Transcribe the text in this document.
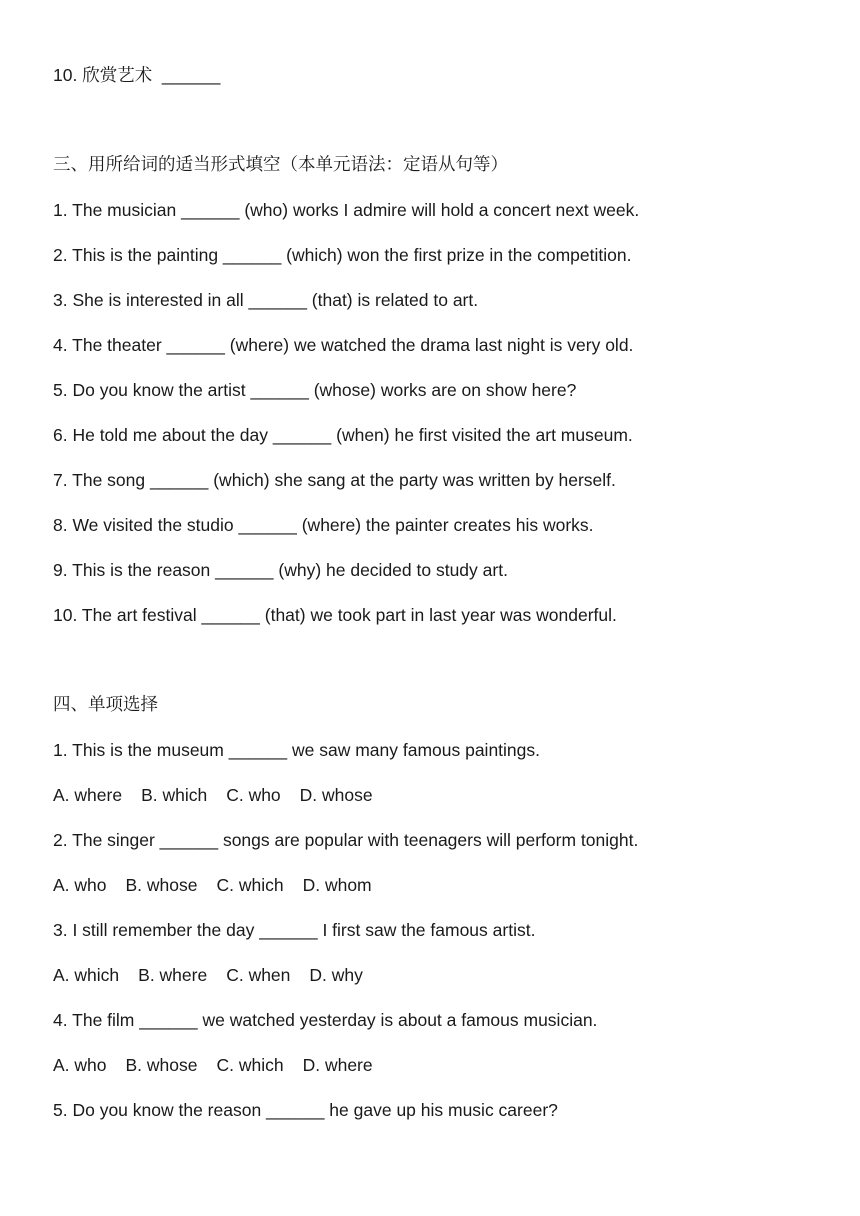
10. 欣赏艺术  ______
三、用所给词的适当形式填空（本单元语法：定语从句等）
1. The musician ______ (who) works I admire will hold a concert next week.
2. This is the painting ______ (which) won the first prize in the competition.
3. She is interested in all ______ (that) is related to art.
4. The theater ______ (where) we watched the drama last night is very old.
5. Do you know the artist ______ (whose) works are on show here?
6. He told me about the day ______ (when) he first visited the art museum.
7. The song ______ (which) she sang at the party was written by herself.
8. We visited the studio ______ (where) the painter creates his works.
9. This is the reason ______ (why) he decided to study art.
10. The art festival ______ (that) we took part in last year was wonderful.
四、单项选择
1. This is the museum ______ we saw many famous paintings.
A. where B. which C. who D. whose
2. The singer ______ songs are popular with teenagers will perform tonight.
A. who B. whose C. which D. whom
3. I still remember the day ______ I first saw the famous artist.
A. which B. where C. when D. why
4. The film ______ we watched yesterday is about a famous musician.
A. who B. whose C. which D. where
5. Do you know the reason ______ he gave up his music career?
